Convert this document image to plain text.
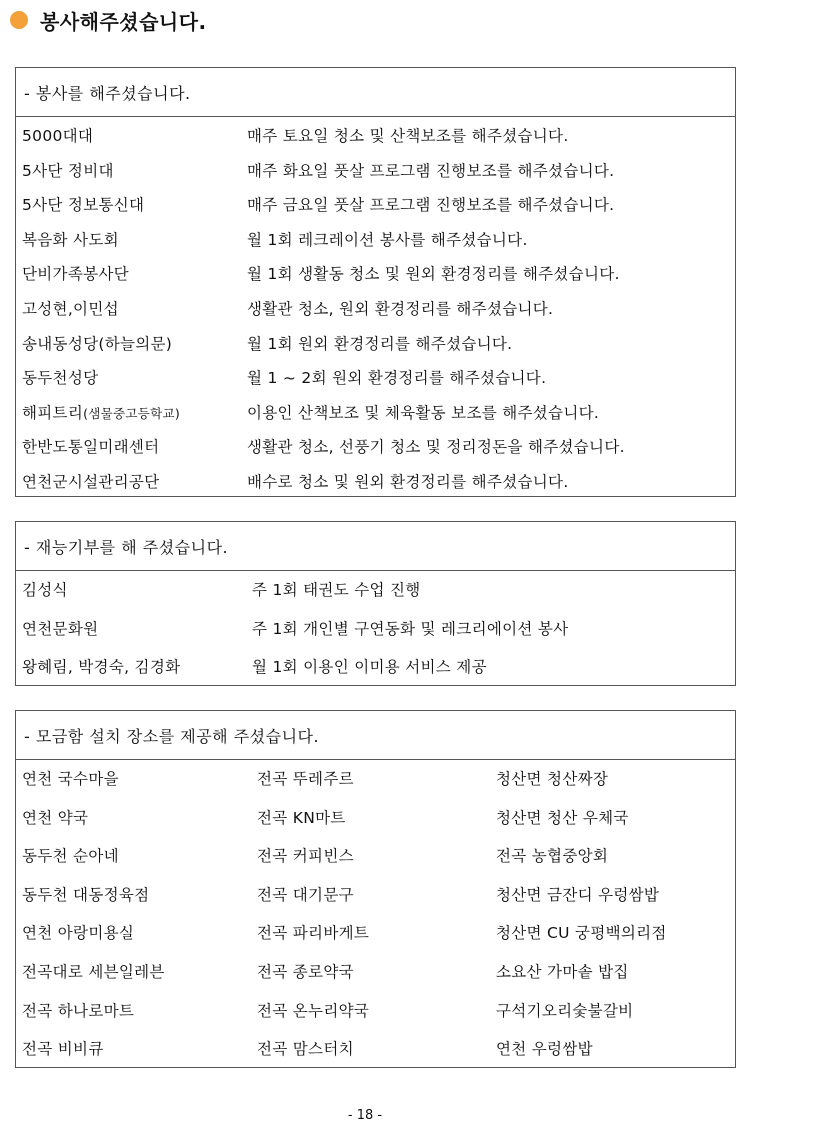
봉사해주셨습니다.
- 봉사를 해주셨습니다.
5000대대	매주 토요일 청소 및 산책보조를 해주셨습니다.
5사단 정비대	매주 화요일 풋살 프로그램 진행보조를 해주셨습니다.
5사단 정보통신대	매주 금요일 풋살 프로그램 진행보조를 해주셨습니다.
복음화 사도회	월 1회 레크레이션 봉사를 해주셨습니다.
단비가족봉사단	월 1회 생활동 청소 및 원외 환경정리를 해주셨습니다.
고성현,이민섭	생활관 청소, 원외 환경정리를 해주셨습니다.
송내동성당(하늘의문)	월 1회 원외 환경정리를 해주셨습니다.
동두천성당	월 1 ~ 2회 원외 환경정리를 해주셨습니다.
해피트리(샘물중고등학교)	이용인 산책보조 및 체육활동 보조를 해주셨습니다.
한반도통일미래센터	생활관 청소, 선풍기 청소 및 정리정돈을 해주셨습니다.
연천군시설관리공단	배수로 청소 및 원외 환경정리를 해주셨습니다.
- 재능기부를 해 주셨습니다.
김성식	주 1회 태권도 수업 진행
연천문화원	주 1회 개인별 구연동화 및 레크리에이션 봉사
왕혜림, 박경숙, 김경화	월 1회 이용인 이미용 서비스 제공
- 모금함 설치 장소를 제공해 주셨습니다.
연천 국수마을	전곡 뚜레주르	청산면 청산짜장
연천 약국	전곡 KN마트	청산면 청산 우체국
동두천 순아네	전곡 커피빈스	전곡 농협중앙회
동두천 대동정육점	전곡 대기문구	청산면 금잔디 우렁쌈밥
연천 아랑미용실	전곡 파리바게트	청산면 CU 궁평백의리점
전곡대로 세븐일레븐	전곡 종로약국	소요산 가마솥 밥집
전곡 하나로마트	전곡 온누리약국	구석기오리숯불갈비
전곡 비비큐	전곡 맘스터치	연천 우렁쌈밥
- 18 -
